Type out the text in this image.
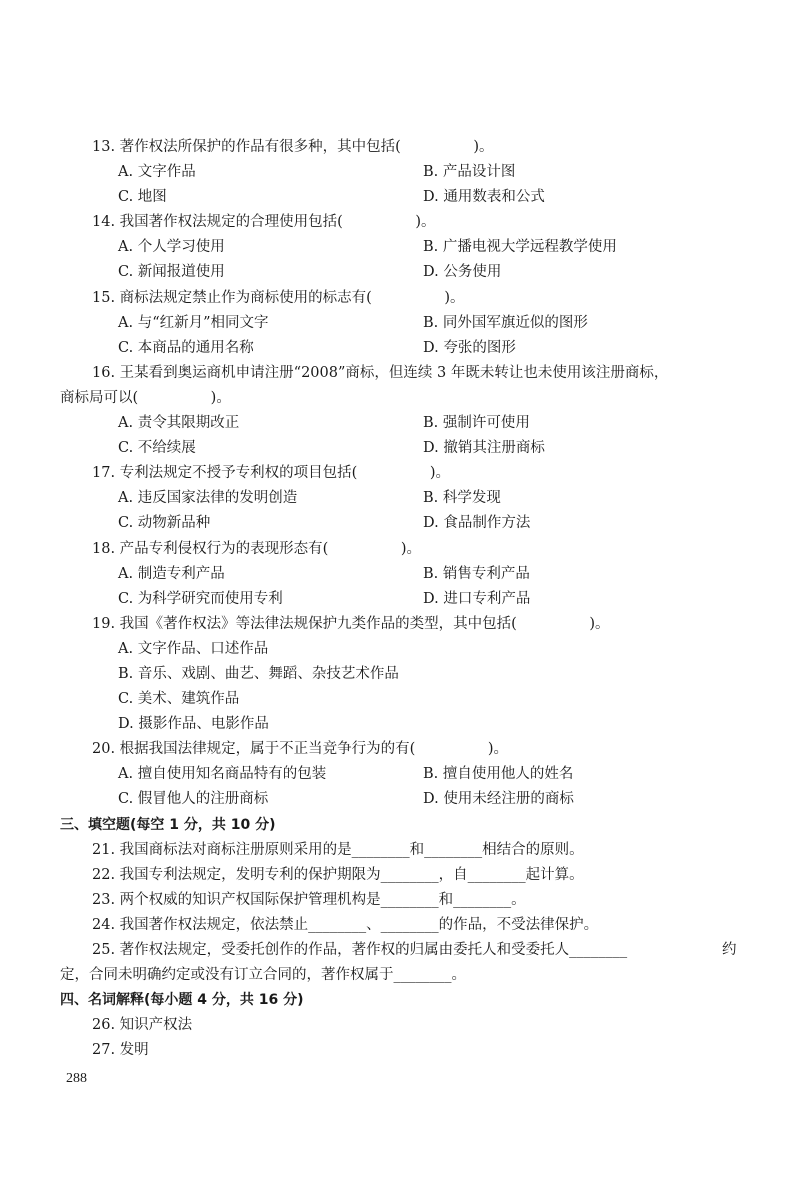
13. 著作权法所保护的作品有很多种，其中包括(　　　　　)。
A. 文字作品	B. 产品设计图
C. 地图	D. 通用数表和公式
14. 我国著作权法规定的合理使用包括(　　　　　)。
A. 个人学习使用	B. 广播电视大学远程教学使用
C. 新闻报道使用	D. 公务使用
15. 商标法规定禁止作为商标使用的标志有(　　　　　)。
A. 与“红新月”相同文字	B. 同外国军旗近似的图形
C. 本商品的通用名称	D. 夸张的图形
16. 王某看到奥运商机申请注册“2008”商标，但连续 3 年既未转让也未使用该注册商标，
商标局可以(　　　　　)。
A. 责令其限期改正	B. 强制许可使用
C. 不给续展	D. 撤销其注册商标
17. 专利法规定不授予专利权的项目包括(　　　　　)。
A. 违反国家法律的发明创造	B. 科学发现
C. 动物新品种	D. 食品制作方法
18. 产品专利侵权行为的表现形态有(　　　　　)。
A. 制造专利产品	B. 销售专利产品
C. 为科学研究而使用专利	D. 进口专利产品
19. 我国《著作权法》等法律法规保护九类作品的类型，其中包括(　　　　　)。
A. 文字作品、口述作品
B. 音乐、戏剧、曲艺、舞蹈、杂技艺术作品
C. 美术、建筑作品
D. 摄影作品、电影作品
20. 根据我国法律规定，属于不正当竞争行为的有(　　　　　)。
A. 擅自使用知名商品特有的包装	B. 擅自使用他人的姓名
C. 假冒他人的注册商标	D. 使用未经注册的商标
三、填空题(每空 1 分，共 10 分)
21. 我国商标法对商标注册原则采用的是________和________相结合的原则。
22. 我国专利法规定，发明专利的保护期限为________，自________起计算。
23. 两个权威的知识产权国际保护管理机构是________和________。
24. 我国著作权法规定，依法禁止________、________的作品，不受法律保护。
25. 著作权法规定，受委托创作的作品，著作权的归属由委托人和受委托人________	约
定，合同未明确约定或没有订立合同的，著作权属于________。
四、名词解释(每小题 4 分，共 16 分)
26. 知识产权法
27. 发明
288
